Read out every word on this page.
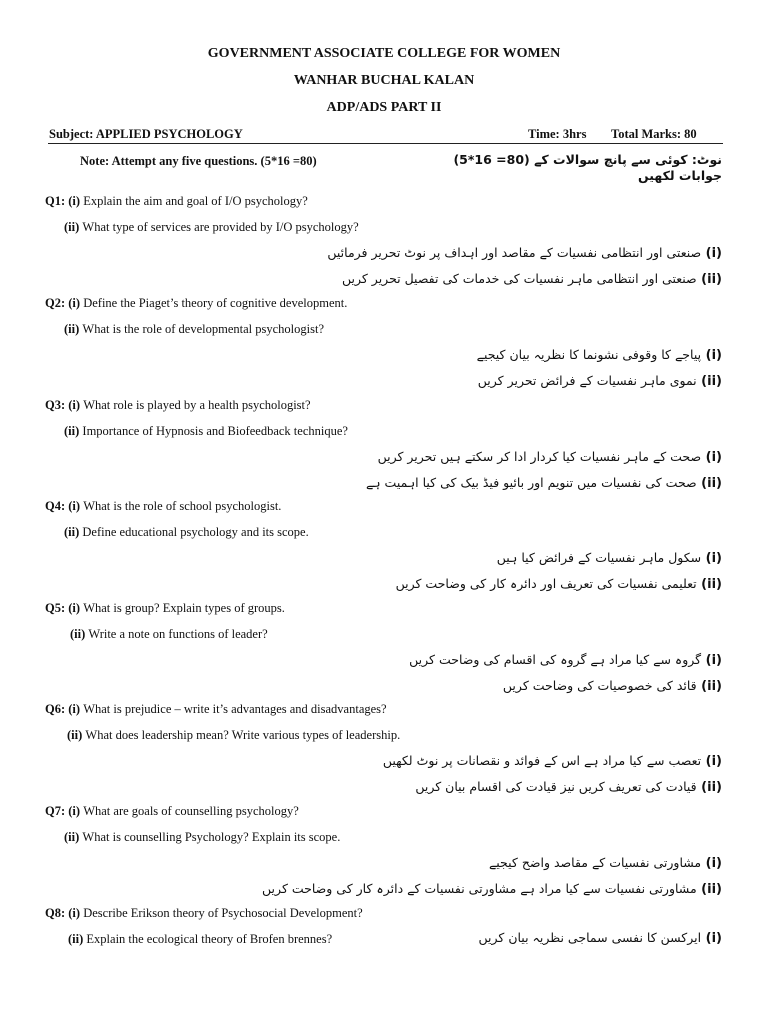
GOVERNMENT ASSOCIATE COLLEGE FOR WOMEN
WANHAR BUCHAL KALAN
ADP/ADS PART II
Subject: APPLIED PSYCHOLOGY	Time: 3hrs Total Marks: 80
Note: Attempt any five questions. (5*16 =80)	نوٹ: کوئی سے پانچ سوالات کے (80= 16*5)
جوابات لکھیں
Q1: (i) Explain the aim and goal of I/O psychology?
(ii) What type of services are provided by I/O psychology?
(i) صنعتی اور انتظامی نفسیات کے مقاصد اور اہداف پر نوٹ تحریر فرمائیں
(ii) صنعتی اور انتظامی ماہر نفسیات کی خدمات کی تفصیل تحریر کریں
Q2: (i) Define the Piaget’s theory of cognitive development.
(ii) What is the role of developmental psychologist?
(i) پیاجے کا وقوفی نشونما کا نظریہ بیان کیجیے
(ii) نموی ماہر نفسیات کے فرائض تحریر کریں
Q3: (i) What role is played by a health psychologist?
(ii) Importance of Hypnosis and Biofeedback technique?
(i) صحت کے ماہر نفسیات کیا کردار ادا کر سکتے ہیں تحریر کریں
(ii) صحت کی نفسیات میں تنویم اور بائیو فیڈ بیک کی کیا اہمیت ہے
Q4: (i) What is the role of school psychologist.
(ii) Define educational psychology and its scope.
(i) سکول ماہر نفسیات کے فرائض کیا ہیں
(ii) تعلیمی نفسیات کی تعریف اور دائرہ کار کی وضاحت کریں
Q5: (i) What is group? Explain types of groups.
(ii) Write a note on functions of leader?
(i) گروہ سے کیا مراد ہے گروہ کی اقسام کی وضاحت کریں
(ii) قائد کی خصوصیات کی وضاحت کریں
Q6: (i) What is prejudice – write it’s advantages and disadvantages?
(ii) What does leadership mean? Write various types of leadership.
(i) تعصب سے کیا مراد ہے اس کے فوائد و نقصانات پر نوٹ لکھیں
(ii) قیادت کی تعریف کریں نیز قیادت کی اقسام بیان کریں
Q7: (i) What are goals of counselling psychology?
(ii) What is counselling Psychology? Explain its scope.
(i) مشاورتی نفسیات کے مقاصد واضح کیجیے
(ii) مشاورتی نفسیات سے کیا مراد ہے مشاورتی نفسیات کے دائرہ کار کی وضاحت کریں
Q8: (i) Describe Erikson theory of Psychosocial Development?
(ii) Explain the ecological theory of Brofen brennes?	(i) ایرکسن کا نفسی سماجی نظریہ بیان کریں
